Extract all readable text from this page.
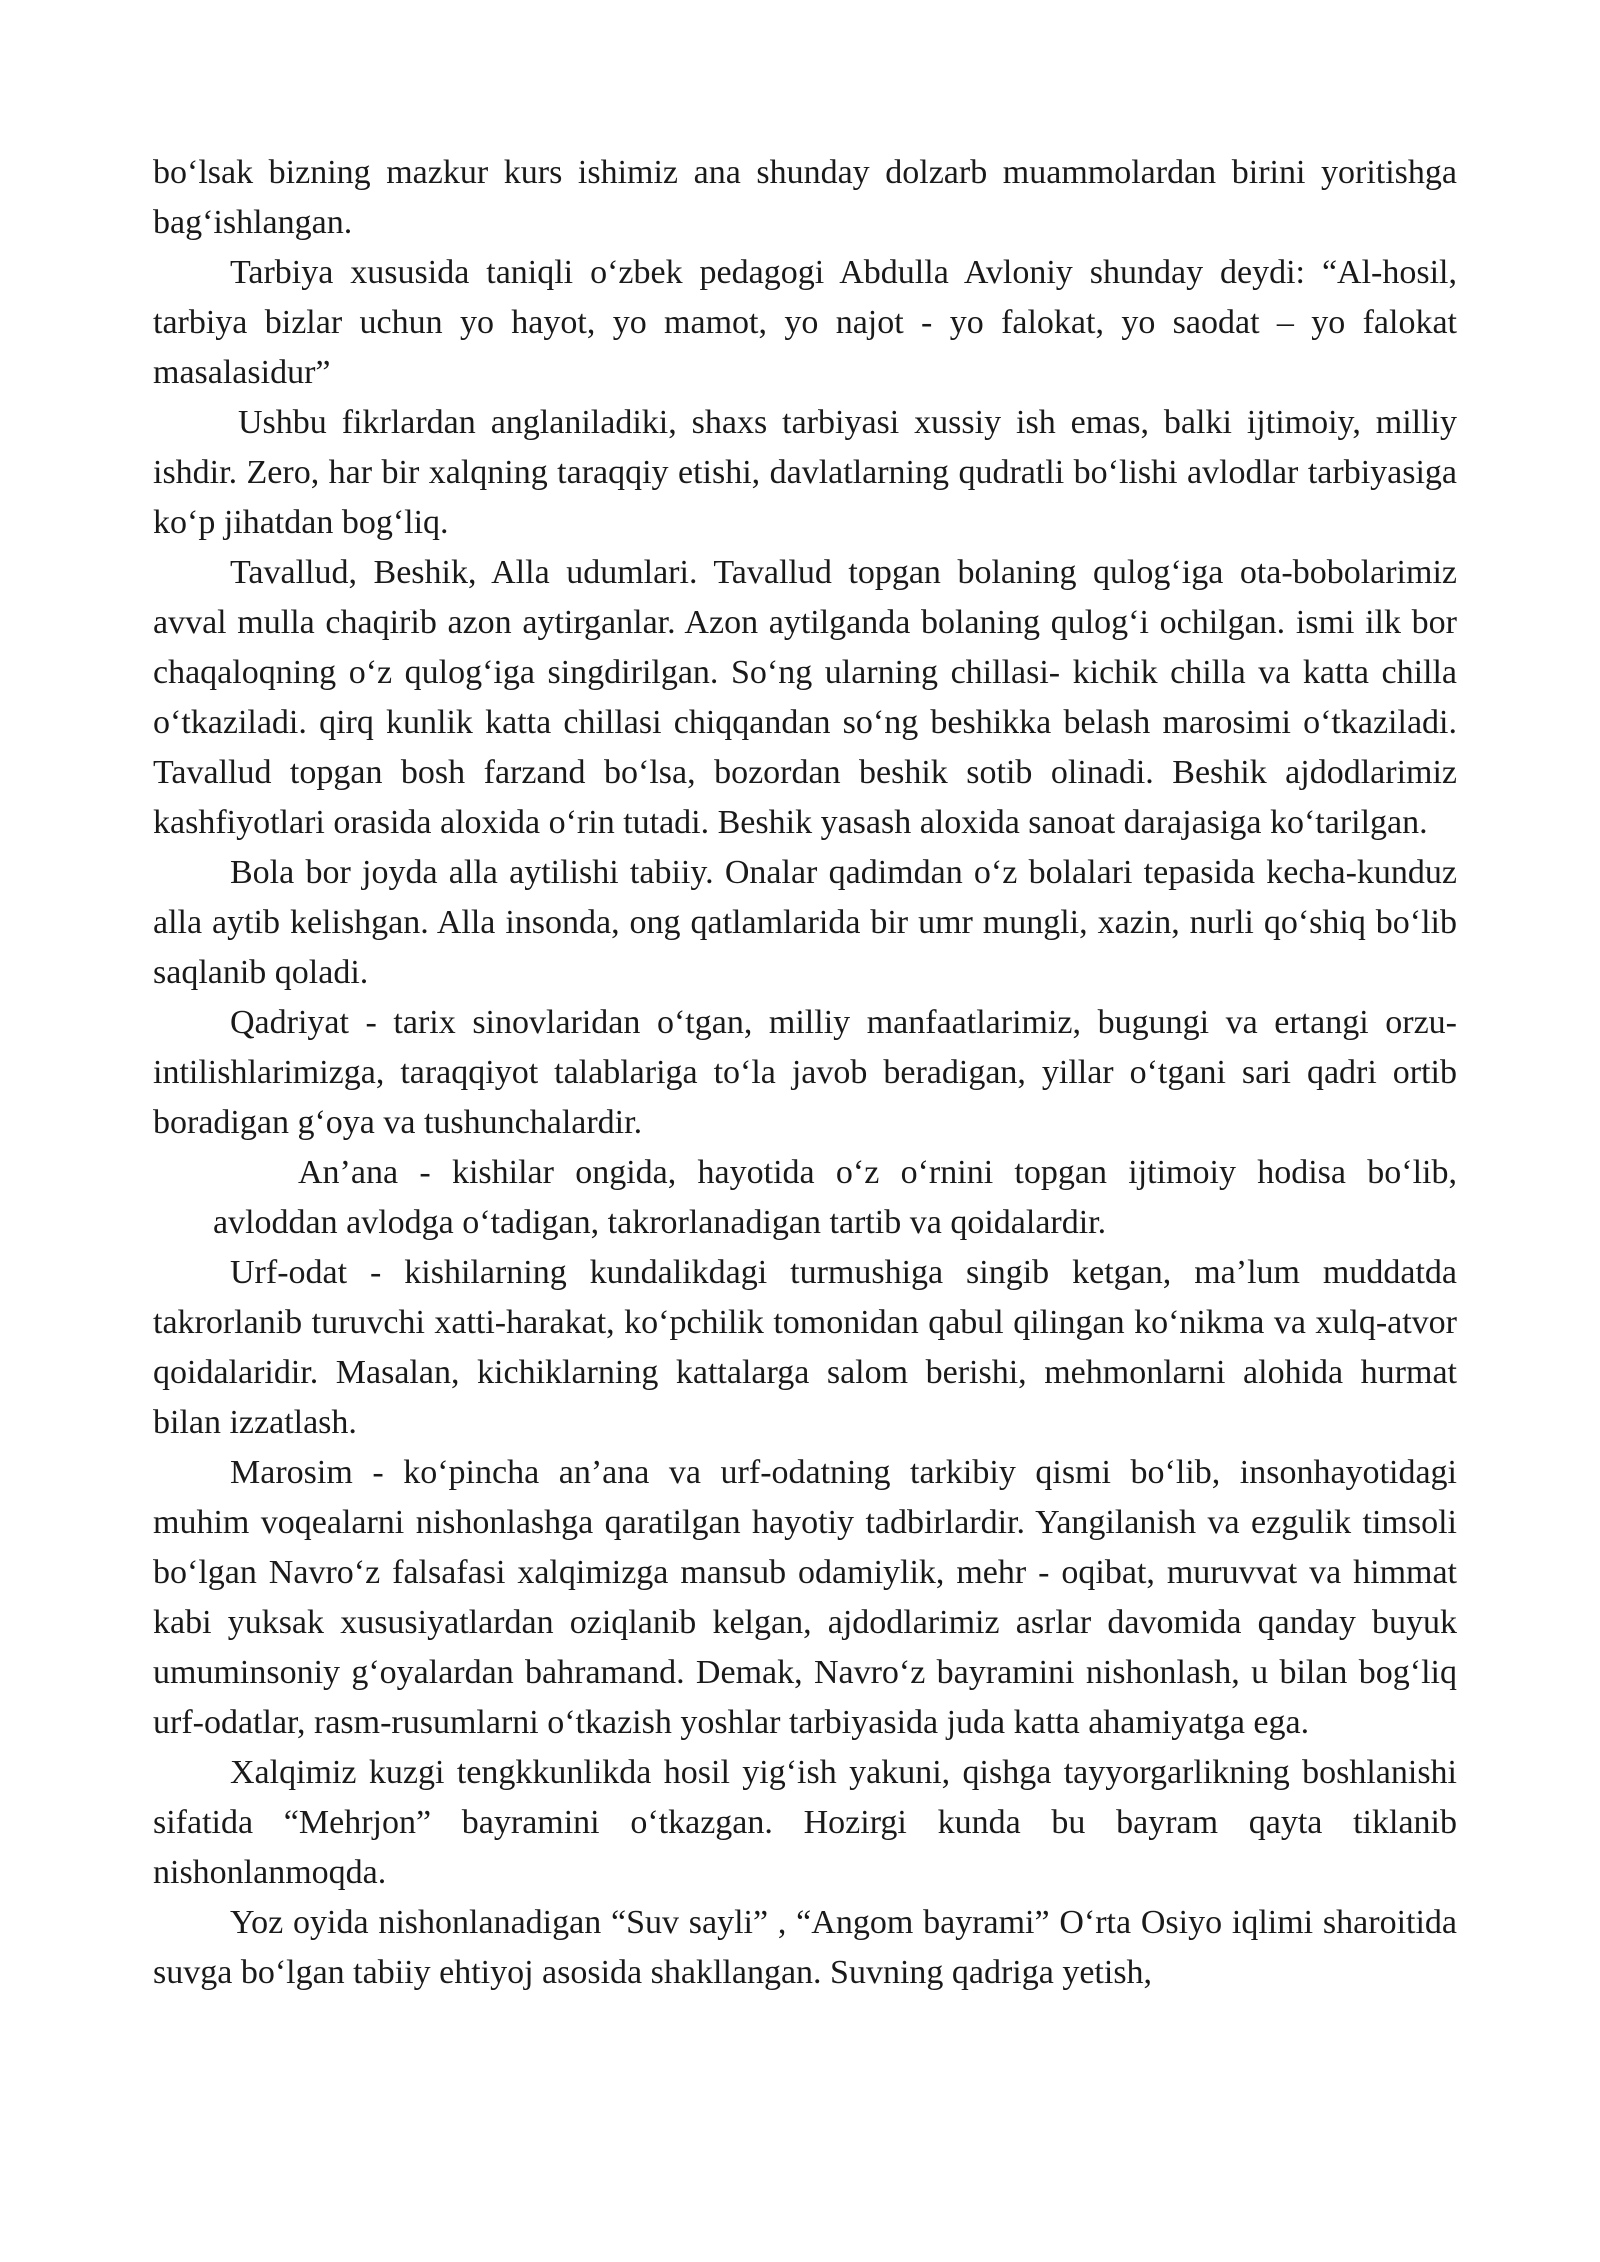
bo‘lsak bizning mazkur kurs ishimiz ana shunday dolzarb muammolardan birini yoritishga bag‘ishlangan.

Tarbiya xususida taniqli o‘zbek pedagogi Abdulla Avloniy shunday deydi: “Al-hosil, tarbiya bizlar uchun yo hayot, yo mamot, yo najot - yo falokat, yo saodat – yo falokat masalasidur”

Ushbu fikrlardan anglaniladiki, shaxs tarbiyasi xussiy ish emas, balki ijtimoiy, milliy ishdir. Zero, har bir xalqning taraqqiy etishi, davlatlarning qudratli bo‘lishi avlodlar tarbiyasiga ko‘p jihatdan bog‘liq.

Tavallud, Beshik, Alla udumlari. Tavallud topgan bolaning qulog‘iga ota-bobolarimiz avval mulla chaqirib azon aytirganlar. Azon aytilganda bolaning qulog‘i ochilgan. ismi ilk bor chaqaloqning o‘z qulog‘iga singdirilgan. So‘ng ularning chillasi- kichik chilla va katta chilla o‘tkaziladi. qirq kunlik katta chillasi chiqqandan so‘ng beshikka belash marosimi o‘tkaziladi. Tavallud topgan bosh farzand bo‘lsa, bozordan beshik sotib olinadi. Beshik ajdodlarimiz kashfiyotlari orasida aloxida o‘rin tutadi. Beshik yasash aloxida sanoat darajasiga ko‘tarilgan.

Bola bor joyda alla aytilishi tabiiy. Onalar qadimdan o‘z bolalari tepasida kecha-kunduz alla aytib kelishgan. Alla insonda, ong qatlamlarida bir umr mungli, xazin, nurli qo‘shiq bo‘lib saqlanib qoladi.

Qadriyat - tarix sinovlaridan o‘tgan, milliy manfaatlarimiz, bugungi va ertangi orzu-intilishlarimizga, taraqqiyot talablariga to‘la javob beradigan, yillar o‘tgani sari qadri ortib boradigan g‘oya va tushunchalardir.

An’ana - kishilar ongida, hayotida o‘z o‘rnini topgan ijtimoiy hodisa bo‘lib, avloddan avlodga o‘tadigan, takrorlanadigan tartib va qoidalardir.

Urf-odat - kishilarning kundalikdagi turmushiga singib ketgan, ma’lum muddatda takrorlanib turuvchi xatti-harakat, ko‘pchilik tomonidan qabul qilingan ko‘nikma va xulq-atvor qoidalaridir. Masalan, kichiklarning kattalarga salom berishi, mehmonlarni alohida hurmat bilan izzatlash.

Marosim - ko‘pincha an’ana va urf-odatning tarkibiy qismi bo‘lib, insonhayotidagi muhim voqealarni nishonlashga qaratilgan hayotiy tadbirlardir. Yangilanish va ezgulik timsoli bo‘lgan Navro‘z falsafasi xalqimizga mansub odamiylik, mehr - oqibat, muruvvat va himmat kabi yuksak xususiyatlardan oziqlanib kelgan, ajdodlarimiz asrlar davomida qanday buyuk umuminsoniy g‘oyalardan bahramand. Demak, Navro‘z bayramini nishonlash, u bilan bog‘liq urf-odatlar, rasm-rusumlarni o‘tkazish yoshlar tarbiyasida juda katta ahamiyatga ega.

Xalqimiz kuzgi tengkkunlikda hosil yig‘ish yakuni, qishga tayyorgarlikning boshlanishi sifatida “Mehrjon” bayramini o‘tkazgan. Hozirgi kunda bu bayram qayta tiklanib nishonlanmoqda.

Yoz oyida nishonlanadigan “Suv sayli” , “Angom bayrami” O‘rta Osiyo iqlimi sharoitida suvga bo‘lgan tabiiy ehtiyoj asosida shakllangan. Suvning qadriga yetish,
